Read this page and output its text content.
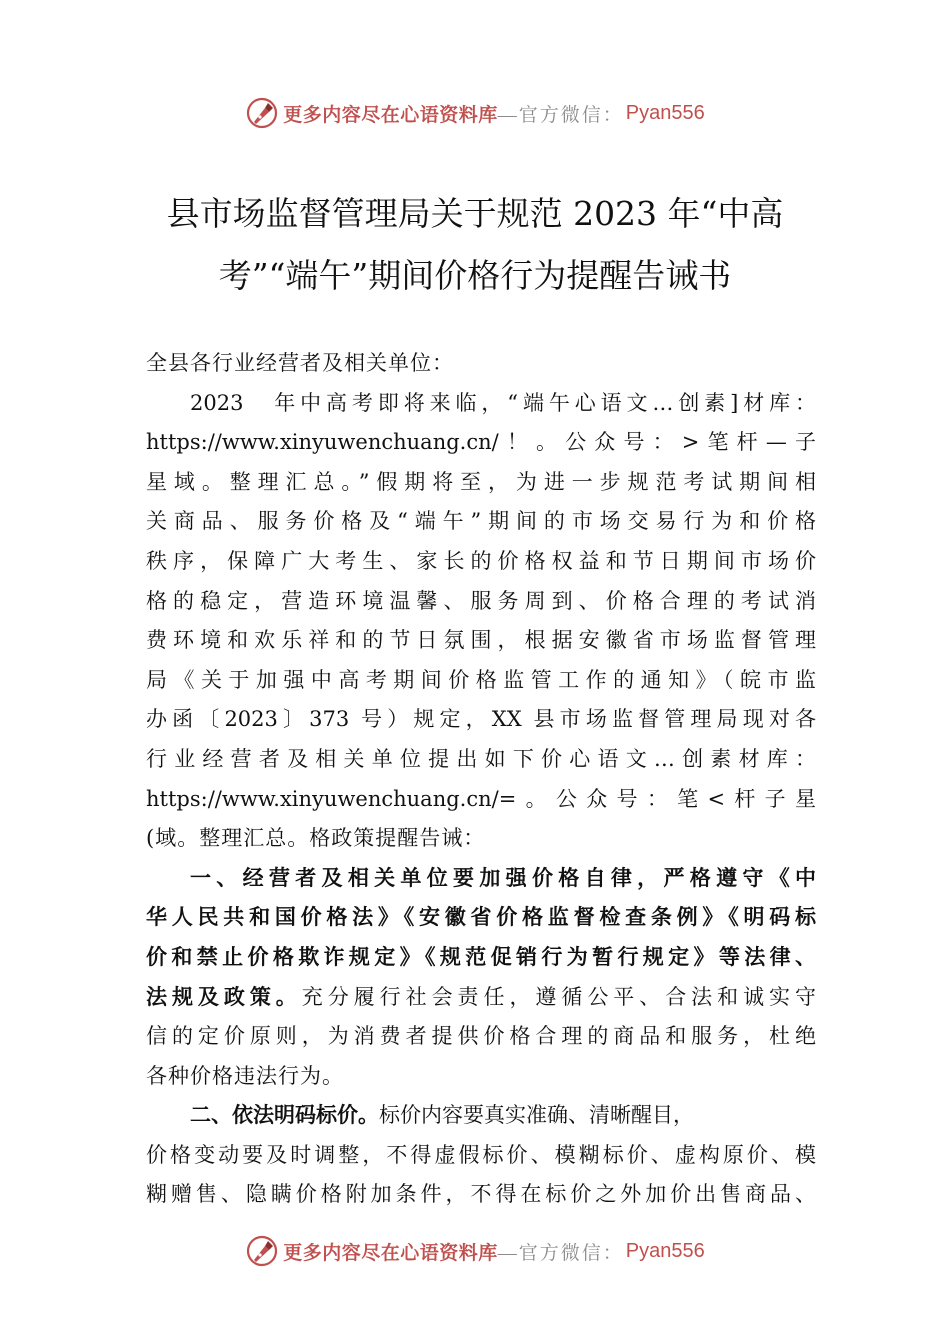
更多内容尽在心语资料库 —官方微信： Pyan556
县市场监督管理局关于规范 2023 年“中高
考”“端午”期间价格行为提醒告诫书
全县各行业经营者及相关单位：
2023　年中高考即将来临，“端午心语文…创素]材库：
https://www.xinyuwenchuang.cn/！。公众号：>笔杆—子
星域。整理汇总。”假期将至，为进一步规范考试期间相
关商品、服务价格及“端午”期间的市场交易行为和价格
秩序，保障广大考生、家长的价格权益和节日期间市场价
格的稳定，营造环境温馨、服务周到、价格合理的考试消
费环境和欢乐祥和的节日氛围，根据安徽省市场监督管理
局《关于加强中高考期间价格监管工作的通知》（皖市监
办函〔2023〕373 号）规定，XX 县市场监督管理局现对各
行业经营者及相关单位提出如下价心语文…创素材库：
https://www.xinyuwenchuang.cn/=。公众号：笔<杆子星
(域。整理汇总。格政策提醒告诫：
一、经营者及相关单位要加强价格自律，严格遵守《中
华人民共和国价格法》《安徽省价格监督检查条例》《明码标
价和禁止价格欺诈规定》《规范促销行为暂行规定》等法律、
法规及政策。充分履行社会责任，遵循公平、合法和诚实守
信的定价原则，为消费者提供价格合理的商品和服务，杜绝
各种价格违法行为。
二、依法明码标价。标价内容要真实准确、清晰醒目，
价格变动要及时调整，不得虚假标价、模糊标价、虚构原价、模
糊赠售、隐瞒价格附加条件，不得在标价之外加价出售商品、
更多内容尽在心语资料库 —官方微信： Pyan556
